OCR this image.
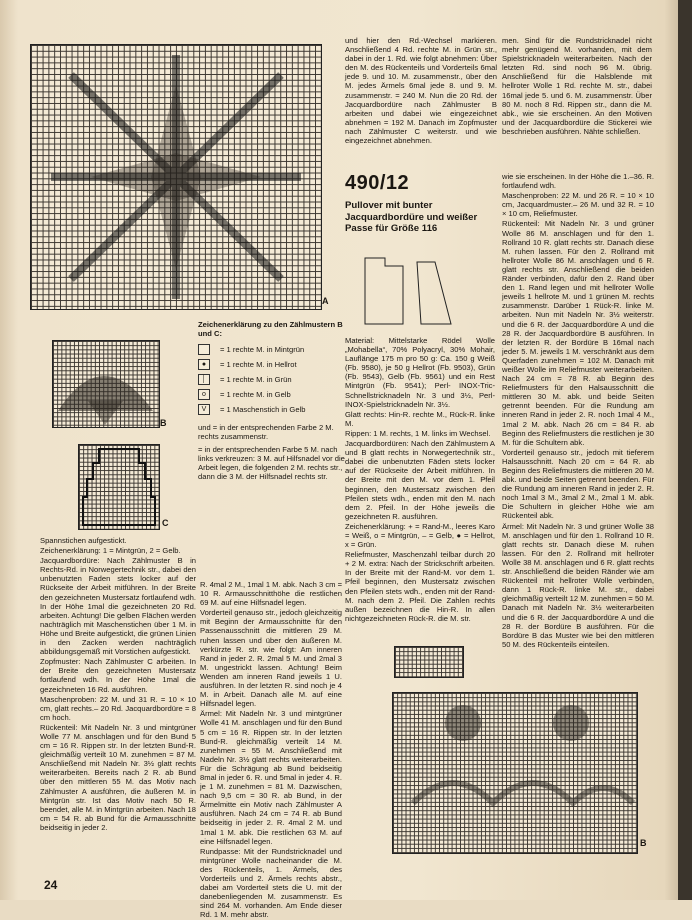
A
B
C
Zeichenerklärung zu den Zählmustern B und C:
= 1 rechte M. in Mintgrün
●	= 1 rechte M. in Hellrot
│	= 1 rechte M. in Grün
o	= 1 rechte M. in Gelb
V	= 1 Maschenstich in Gelb
und = in der entsprechenden Farbe 2 M. rechts zusammenstr.
= in der entsprechenden Farbe 5 M. nach links verkreuzen: 3 M. auf Hilfsnadel vor die Arbeit legen, die folgenden 2 M. rechts str., dann die 3 M. der Hilfsnadel rechts str.

Spannstichen aufgestickt.

Zeichenerklärung: 1 = Mintgrün, 2 = Gelb.

Jacquardbordüre: Nach Zählmuster B in Rechts-Rd. in Norwegertechnik str., dabei den unbenutzten Faden stets locker auf der Rückseite der Arbeit mitführen. In der Breite den gezeichneten Mustersatz fortlaufend wdh. In der Höhe 1mal die gezeichneten 20 Rd. arbeiten. Achtung! Die gelben Flächen werden nachträglich mit Maschenstichen über 1 M. in Höhe und Breite aufgestickt, die grünen Linien in den Zacken werden nachträglich abbildungsgemäß mit Vorstichen aufgestickt.

Zopfmuster: Nach Zählmuster C arbeiten. In der Breite den gezeichneten Mustersatz fortlaufend wdh. In der Höhe 1mal die gezeichneten 16 Rd. ausführen.

Maschenproben: 22 M. und 31 R. = 10 × 10 cm, glatt rechts.– 20 Rd. Jacquardbordüre = 8 cm hoch.

Rückenteil: Mit Nadeln Nr. 3 und mintgrüner Wolle 77 M. anschlagen und für den Bund 5 cm = 16 R. Rippen str. In der letzten Bund-R. gleichmäßig verteilt 10 M. zunehmen = 87 M. Anschließend mit Nadeln Nr. 3½ glatt rechts weiterarbeiten. Bereits nach 2 R. ab Bund über den mittleren 55 M. das Motiv nach Zählmuster A ausführen, die äußeren M. in Mintgrün str. Ist das Motiv nach 50 R. beendet, alle M. in Mintgrün arbeiten. Nach 18 cm = 54 R. ab Bund für die Armausschnitte beidseitig in jeder 2.

R. 4mal 2 M., 1mal 1 M. abk. Nach 3 cm = 10 R. Armausschnitthöhe die restlichen 69 M. auf eine Hilfsnadel legen.

Vorderteil genauso str., jedoch gleichzeitig mit Beginn der Armausschnitte für den Passenausschnitt die mittleren 29 M. ruhen lassen und über den äußeren M. verkürzte R. str. wie folgt: Am inneren Rand in jeder 2. R. 2mal 5 M. und 2mal 3 M. ungestrickt lassen. Achtung! Beim Wenden am inneren Rand jeweils 1 U. ausführen. In der letzten R. sind noch je 4 M. in Arbeit. Danach alle M. auf eine Hilfsnadel legen.

Ärmel: Mit Nadeln Nr. 3 und mintgrüner Wolle 41 M. anschlagen und für den Bund 5 cm = 16 R. Rippen str. In der letzten Bund-R. gleichmäßig verteilt 14 M. zunehmen = 55 M. Anschließend mit Nadeln Nr. 3½ glatt rechts weiterarbeiten. Für die Schrägung ab Bund beidseitig 8mal in jeder 6. R. und 5mal in jeder 4. R. je 1 M. zunehmen = 81 M. Dazwischen, nach 9,5 cm = 30 R. ab Bund, in der Ärmelmitte ein Motiv nach Zählmuster A ausführen. Nach 24 cm = 74 R. ab Bund beidseitig in jeder 2. R. 4mal 2 M. und 1mal 1 M. abk. Die restlichen 63 M. auf eine Hilfsnadel legen.

Rundpasse: Mit der Rundstricknadel und mintgrüner Wolle nacheinander die M. des Rückenteils, 1. Ärmels, des Vorderteils und 2. Ärmels rechts abstr., dabei am Vorderteil stets die U. mit der danebenliegenden M. zusammenstr. Es sind 264 M. vorhanden. Am Ende dieser Rd. 1 M. mehr abstr.

und hier den Rd.-Wechsel markieren. Anschließend 4 Rd. rechte M. in Grün str., dabei in der 1. Rd. wie folgt abnehmen: Über den M. des Rückenteils und Vorderteils 6mal jede 9. und 10. M. zusammenstr., über den M. jedes Ärmels 6mal jede 8. und 9. M. zusammenstr. = 240 M. Nun die 20 Rd. der Jacquardbordüre nach Zählmuster B arbeiten und dabei wie eingezeichnet abnehmen = 192 M. Danach im Zopfmuster nach Zählmuster C weiterstr. und wie eingezeichnet abnehmen.

men. Sind für die Rundstricknadel nicht mehr genügend M. vorhanden, mit dem Spielstricknadeln weiterarbeiten. Nach der letzten Rd. sind noch 96 M. übrig. Anschließend für die Halsblende mit hellroter Wolle 1 Rd. rechte M. str., dabei 16mal jede 5. und 6. M. zusammenstr. Über 80 M. noch 8 Rd. Rippen str., dann die M. abk., wie sie erscheinen. An den Motiven und der Jacquardbordüre die Stickerei wie beschrieben ausführen. Nähte schließen.

490/12
Pullover mit bunter Jacquardbordüre und weißer Passe für Größe 116

Material: Mittelstarke Rödel Wolle „Mohabella“, 70% Polyacryl, 30% Mohair, Lauflänge 175 m pro 50 g: Ca. 150 g Weiß (Fb. 9580), je 50 g Hellrot (Fb. 9503), Grün (Fb. 9543), Gelb (Fb. 9561) und ein Rest Mintgrün (Fb. 9541); Perl- INOX-Tric-Schnellstricknadeln Nr. 3 und 3½, Perl-INOX-Spielstricknadeln Nr. 3½.

Glatt rechts: Hin-R. rechte M., Rück-R. linke M.

Rippen: 1 M. rechts, 1 M. links im Wechsel.

Jacquardbordüren: Nach den Zählmustern A und B glatt rechts in Norwegertechnik str., dabei die unbenutzten Fäden stets locker auf der Rückseite der Arbeit mitführen. In der Breite mit den M. vor dem 1. Pfeil beginnen, den Mustersatz zwischen den Pfeilen stets wdh., enden mit den M. nach dem 2. Pfeil. In der Höhe jeweils die gezeichneten R. ausführen.

Zeichenerklärung: + = Rand-M., leeres Karo = Weiß, o = Mintgrün, – = Gelb, ● = Hellrot, x = Grün.

Reliefmuster, Maschenzahl teilbar durch 20 + 2 M. extra: Nach der Strickschrift arbeiten. In der Breite mit der Rand-M. vor dem 1. Pfeil beginnen, den Mustersatz zwischen den Pfeilen stets wdh., enden mit der Rand-M. nach dem 2. Pfeil. Die Zahlen rechts außen bezeichnen die Hin-R. In allen nichtgezeichneten Rück-R. die M. str.

B

wie sie erscheinen. In der Höhe die 1.–36. R. fortlaufend wdh.

Maschenproben: 22 M. und 26 R. = 10 × 10 cm, Jacquardmuster.– 26 M. und 32 R. = 10 × 10 cm, Reliefmuster.

Rückenteil: Mit Nadeln Nr. 3 und grüner Wolle 86 M. anschlagen und für den 1. Rollrand 10 R. glatt rechts str. Danach diese M. ruhen lassen. Für den 2. Rollrand mit hellroter Wolle 86 M. anschlagen und 6 R. glatt rechts str. Anschließend die beiden Ränder verbinden, dafür den 2. Rand über den 1. Rand legen und mit hellroter Wolle jeweils 1 hellrote M. und 1 grünen M. rechts zusammenstr. Darüber 1 Rück-R. linke M. arbeiten. Nun mit Nadeln Nr. 3½ weiterstr. und die 6 R. der Jacquardbordüre A und die 28 R. der Jacquardbordüre B ausführen. In der letzten R. der Bordüre B 16mal nach jeder 5. M. jeweils 1 M. verschränkt aus dem Querfaden zunehmen = 102 M. Danach mit weißer Wolle im Reliefmuster weiterarbeiten. Nach 24 cm = 78 R. ab Beginn des Reliefmusters für den Halsausschnitt die mittleren 30 M. abk. und beide Seiten getrennt beenden. Für die Rundung am inneren Rand in jeder 2. R. noch 1mal 4 M., 1mal 2 M. abk. Nach 26 cm = 84 R. ab Beginn des Reliefmusters die restlichen je 30 M. für die Schultern abk.

Vorderteil genauso str., jedoch mit tieferem Halsausschnitt. Nach 20 cm = 64 R. ab Beginn des Reliefmusters die mittleren 20 M. abk. und beide Seiten getrennt beenden. Für die Rundung am inneren Rand in jeder 2. R. noch 1mal 3 M., 3mal 2 M., 2mal 1 M. abk. Die Schultern in gleicher Höhe wie am Rückenteil abk.

Ärmel: Mit Nadeln Nr. 3 und grüner Wolle 38 M. anschlagen und für den 1. Rollrand 10 R. glatt rechts str. Danach diese M. ruhen lassen. Für den 2. Rollrand mit hellroter Wolle 38 M. anschlagen und 6 R. glatt rechts str. Anschließend die beiden Ränder wie am Rückenteil mit hellroter Wolle verbinden, dann 1 Rück-R. linke M. str., dabei gleichmäßig verteilt 12 M. zunehmen = 50 M. Danach mit Nadeln Nr. 3½ weiterarbeiten und die 6 R. der Jacquardbordüre A und die 28 R. der Bordüre B ausführen. Für die Bordüre B das Muster wie bei den mittleren 50 M. des Rückenteils einteilen.

24
